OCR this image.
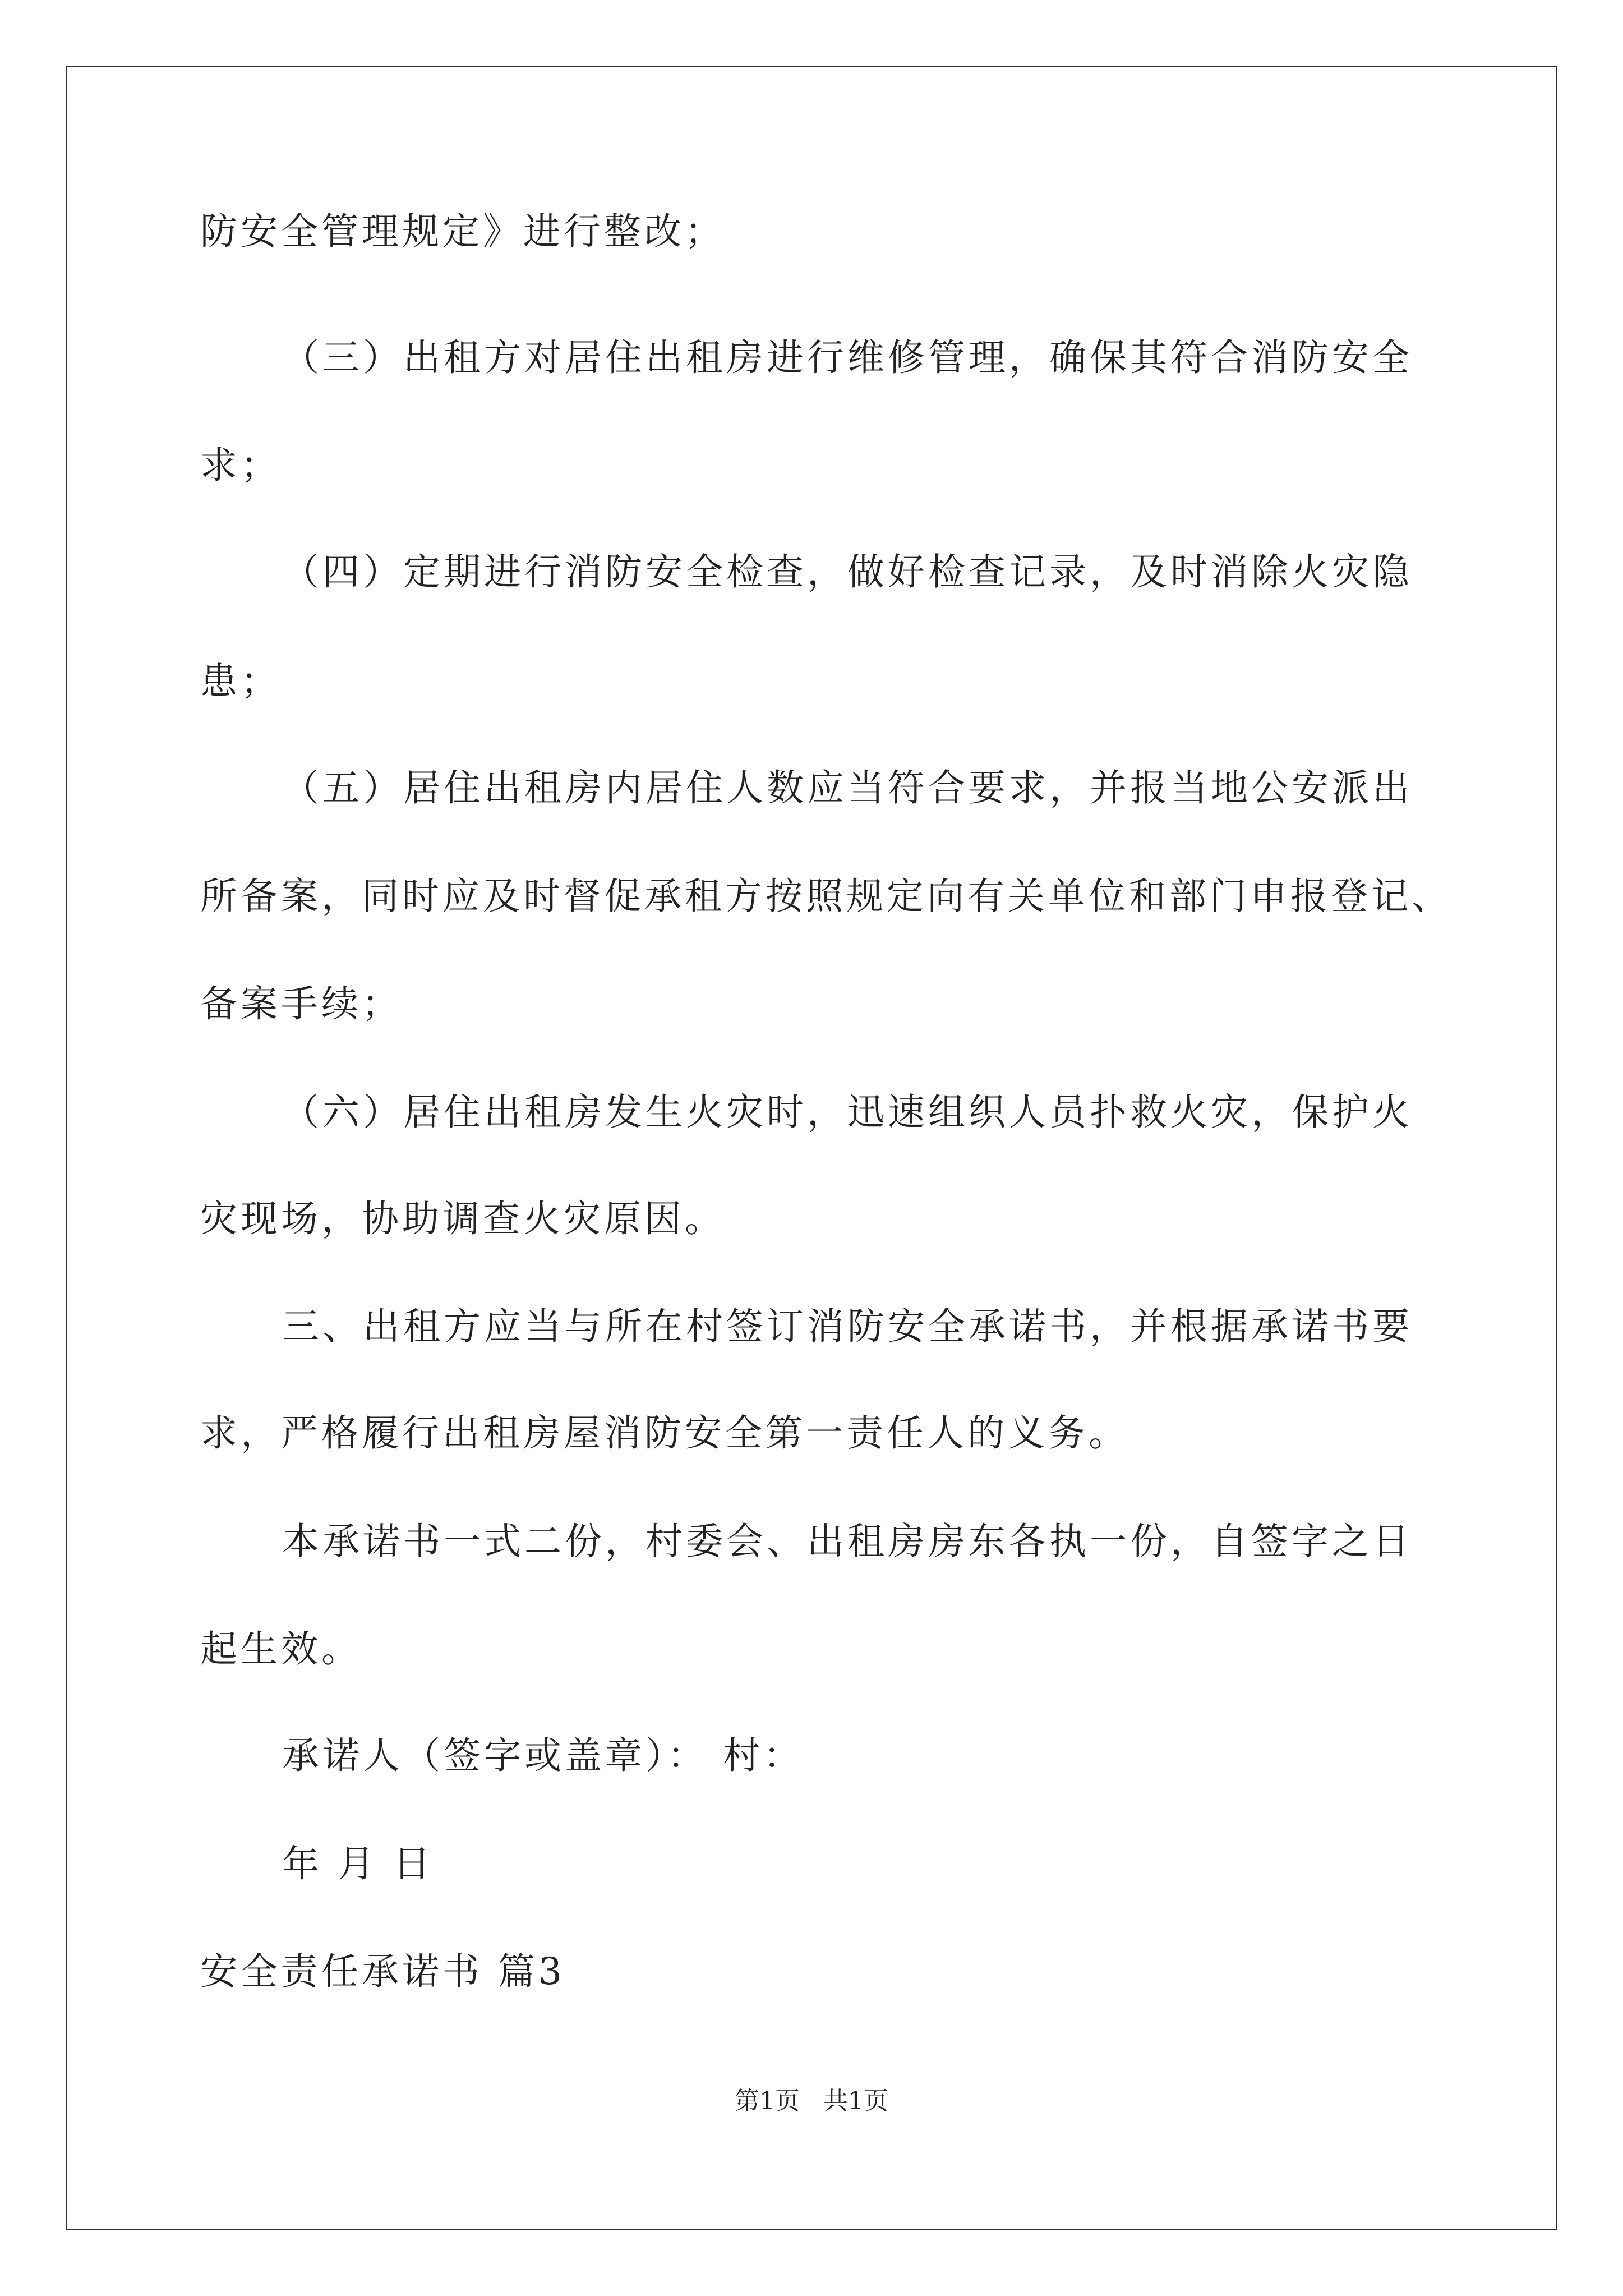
防安全管理规定》进行整改；
（三）出租方对居住出租房进行维修管理，确保其符合消防安全
求；
（四）定期进行消防安全检查，做好检查记录，及时消除火灾隐
患；
（五）居住出租房内居住人数应当符合要求，并报当地公安派出
所备案，同时应及时督促承租方按照规定向有关单位和部门申报登记、
备案手续；
（六）居住出租房发生火灾时，迅速组织人员扑救火灾，保护火
灾现场，协助调查火灾原因。
三、出租方应当与所在村签订消防安全承诺书，并根据承诺书要
求，严格履行出租房屋消防安全第一责任人的义务。
本承诺书一式二份，村委会、出租房房东各执一份，自签字之日
起生效。
承诺人（签字或盖章）： 村：
年 月 日
安全责任承诺书 篇3
第1页 共1页
